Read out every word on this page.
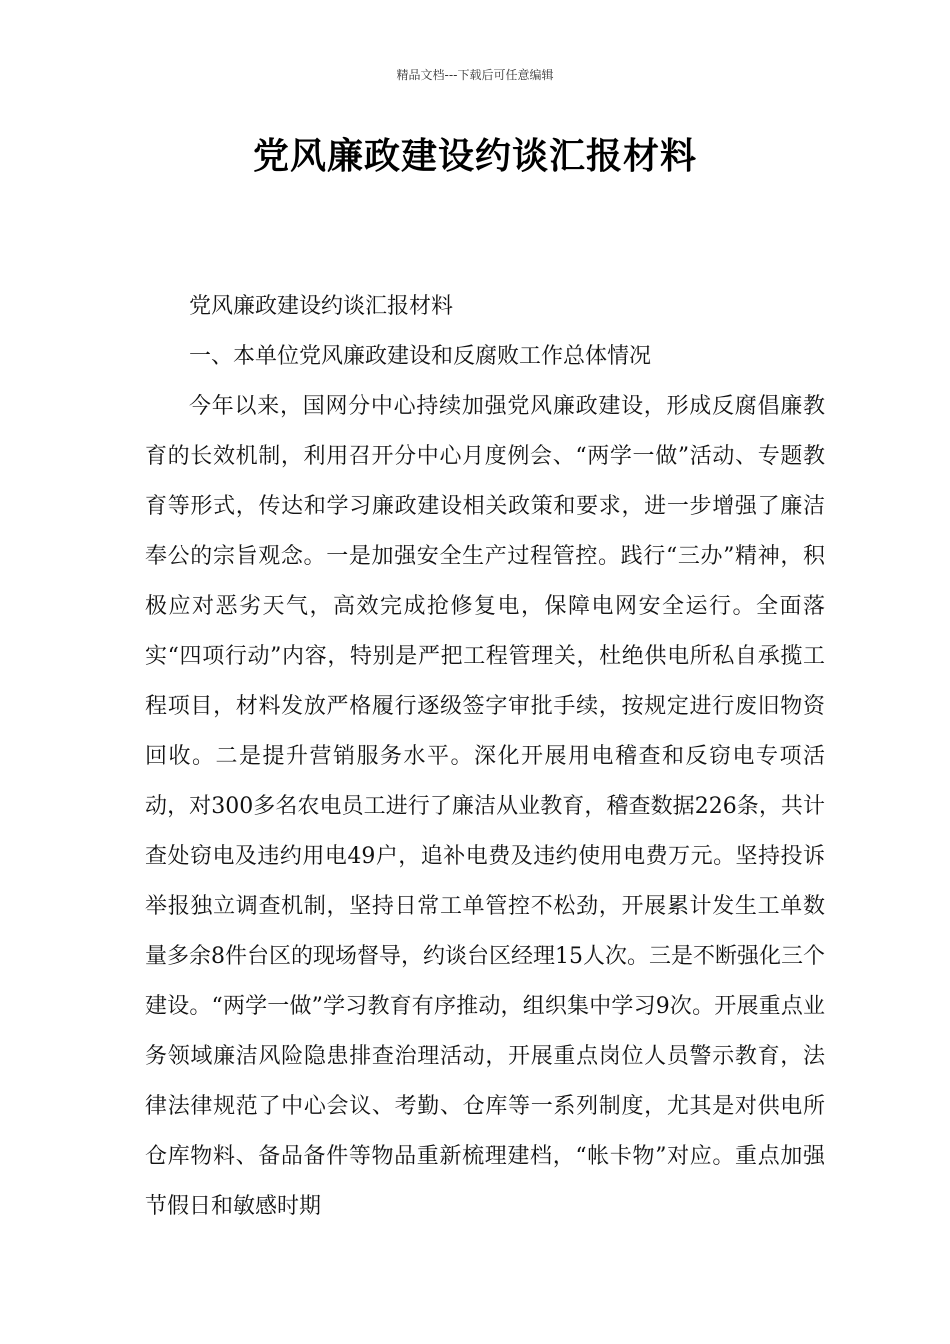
精品文档---下载后可任意编辑
党风廉政建设约谈汇报材料

党风廉政建设约谈汇报材料

一、本单位党风廉政建设和反腐败工作总体情况

今年以来，国网分中心持续加强党风廉政建设，形成反腐倡廉教育的长效机制，利用召开分中心月度例会、“两学一做”活动、专题教育等形式，传达和学习廉政建设相关政策和要求，进一步增强了廉洁奉公的宗旨观念。一是加强安全生产过程管控。践行“三办”精神，积极应对恶劣天气，高效完成抢修复电，保障电网安全运行。全面落实“四项行动”内容，特别是严把工程管理关，杜绝供电所私自承揽工程项目，材料发放严格履行逐级签字审批手续，按规定进行废旧物资回收。二是提升营销服务水平。深化开展用电稽查和反窃电专项活动，对300多名农电员工进行了廉洁从业教育，稽查数据226条，共计查处窃电及违约用电49户，追补电费及违约使用电费万元。坚持投诉举报独立调查机制，坚持日常工单管控不松劲，开展累计发生工单数量多余8件台区的现场督导，约谈台区经理15人次。三是不断强化三个建设。“两学一做”学习教育有序推动，组织集中学习9次。开展重点业务领域廉洁风险隐患排查治理活动，开展重点岗位人员警示教育，法律法律规范了中心会议、考勤、仓库等一系列制度，尤其是对供电所仓库物料、备品备件等物品重新梳理建档，“帐卡物”对应。重点加强节假日和敏感时期
